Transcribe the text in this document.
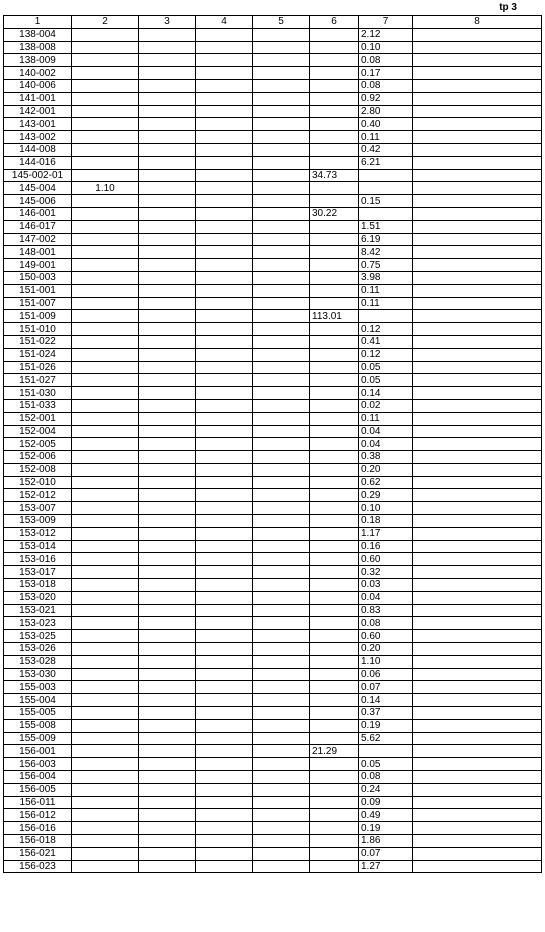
tp 3
1	2	3	4	5	6	7	8
138-004						2.12	
138-008						0.10	
138-009						0.08	
140-002						0.17	
140-006						0.08	
141-001						0.92	
142-001						2.80	
143-001						0.40	
143-002						0.11	
144-008						0.42	
144-016						6.21	
145-002-01					34.73		
145-004	1.10						
145-006						0.15	
146-001					30.22		
146-017						1.51	
147-002						6.19	
148-001						8.42	
149-001						0.75	
150-003						3.98	
151-001						0.11	
151-007						0.11	
151-009					113.01		
151-010						0.12	
151-022						0.41	
151-024						0.12	
151-026						0.05	
151-027						0.05	
151-030						0.14	
151-033						0.02	
152-001						0.11	
152-004						0.04	
152-005						0.04	
152-006						0.38	
152-008						0.20	
152-010						0.62	
152-012						0.29	
153-007						0.10	
153-009						0.18	
153-012						1.17	
153-014						0.16	
153-016						0.60	
153-017						0.32	
153-018						0.03	
153-020						0.04	
153-021						0.83	
153-023						0.08	
153-025						0.60	
153-026						0.20	
153-028						1.10	
153-030						0.06	
155-003						0.07	
155-004						0.14	
155-005						0.37	
155-008						0.19	
155-009						5.62	
156-001					21.29		
156-003						0.05	
156-004						0.08	
156-005						0.24	
156-011						0.09	
156-012						0.49	
156-016						0.19	
156-018						1.86	
156-021						0.07	
156-023						1.27	
